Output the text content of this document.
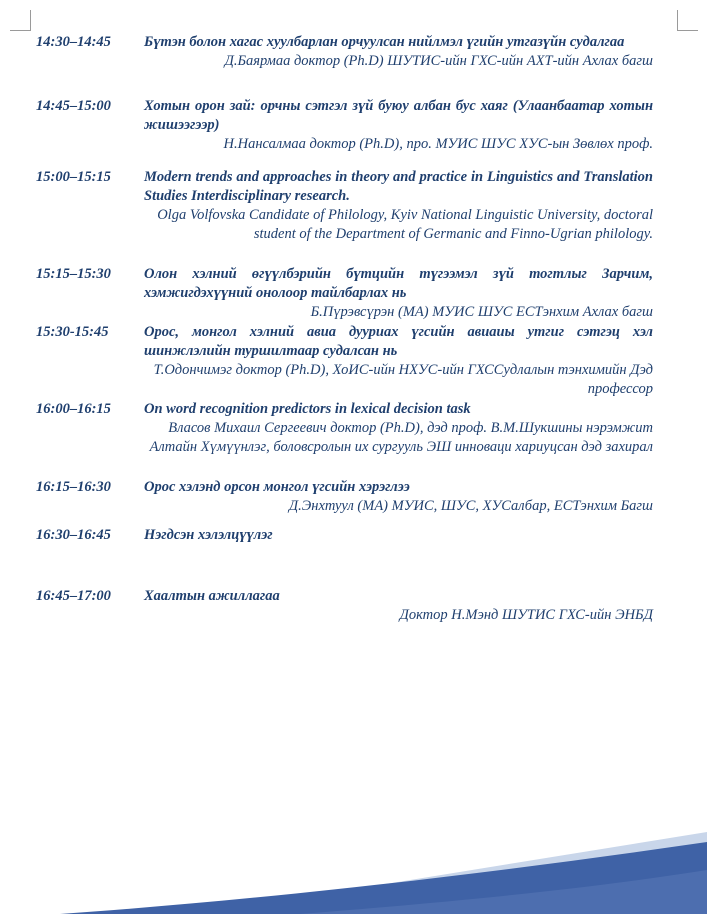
14:30–14:45	Бүтэн болон хагас хуулбарлан орчуулсан нийлмэл үгийн утгазүйн судалгаа
Д.Баярмаа доктор (Ph.D) ШУТИС-ийн ГХС-ийн АХТ-ийн Ахлах багш
14:45–15:00	Хотын орон зай: орчны сэтгэл зүй буюу албан бус хаяг (Улаанбаатар хотын жишээгээр)
Н.Нансалмаа доктор (Ph.D), про. МУИС ШУС ХУС-ын Зөвлөх проф.
15:00–15:15	Modern trends and approaches in theory and practice in Linguistics and Translation Studies Interdisciplinary research.
Olga Volfovska Candidate of Philology, Kyiv National Linguistic University, doctoral student of the Department of Germanic and Finno-Ugrian philology.
15:15–15:30	Олон хэлний өгүүлбэрийн бүтцийн түгээмэл зүй тогтлыг Зарчим, хэмжигдэхүүний онолоор тайлбарлах нь
Б.Пүрэвсүрэн (МА) МУИС ШУС ЕСТэнхим Ахлах багш
15:30-15:45	Орос, монгол хэлний авиа дууриах үгсийн авиаиы утгиг сэтгэц хэл шинжлэлийн туршилтаар судалсан нь
Т.Одончимэг доктор (Ph.D), ХоИС-ийн НХУС-ийн ГХССудлалын тэнхимийн Дэд профессор
16:00–16:15	On word recognition predictors in lexical decision task
Власов Михаил Сергеевич доктор (Ph.D), дэд проф. В.М.Шукшины нэрэмжит Алтайн Хүмүүнлэг, боловсролын их сургууль ЭШ инноваци хариуцсан дэд захирал
16:15–16:30	Орос хэлэнд орсон монгол үгсийн хэрэглээ
Д.Энхтуул (МА) МУИС, ШУС, ХУСалбар, ЕСТэнхим Багш
16:30–16:45	Нэгдсэн хэлэлцүүлэг
16:45–17:00	Хаалтын ажиллагаа
Доктор Н.Мэнд ШУТИС ГХС-ийн ЭНБД
